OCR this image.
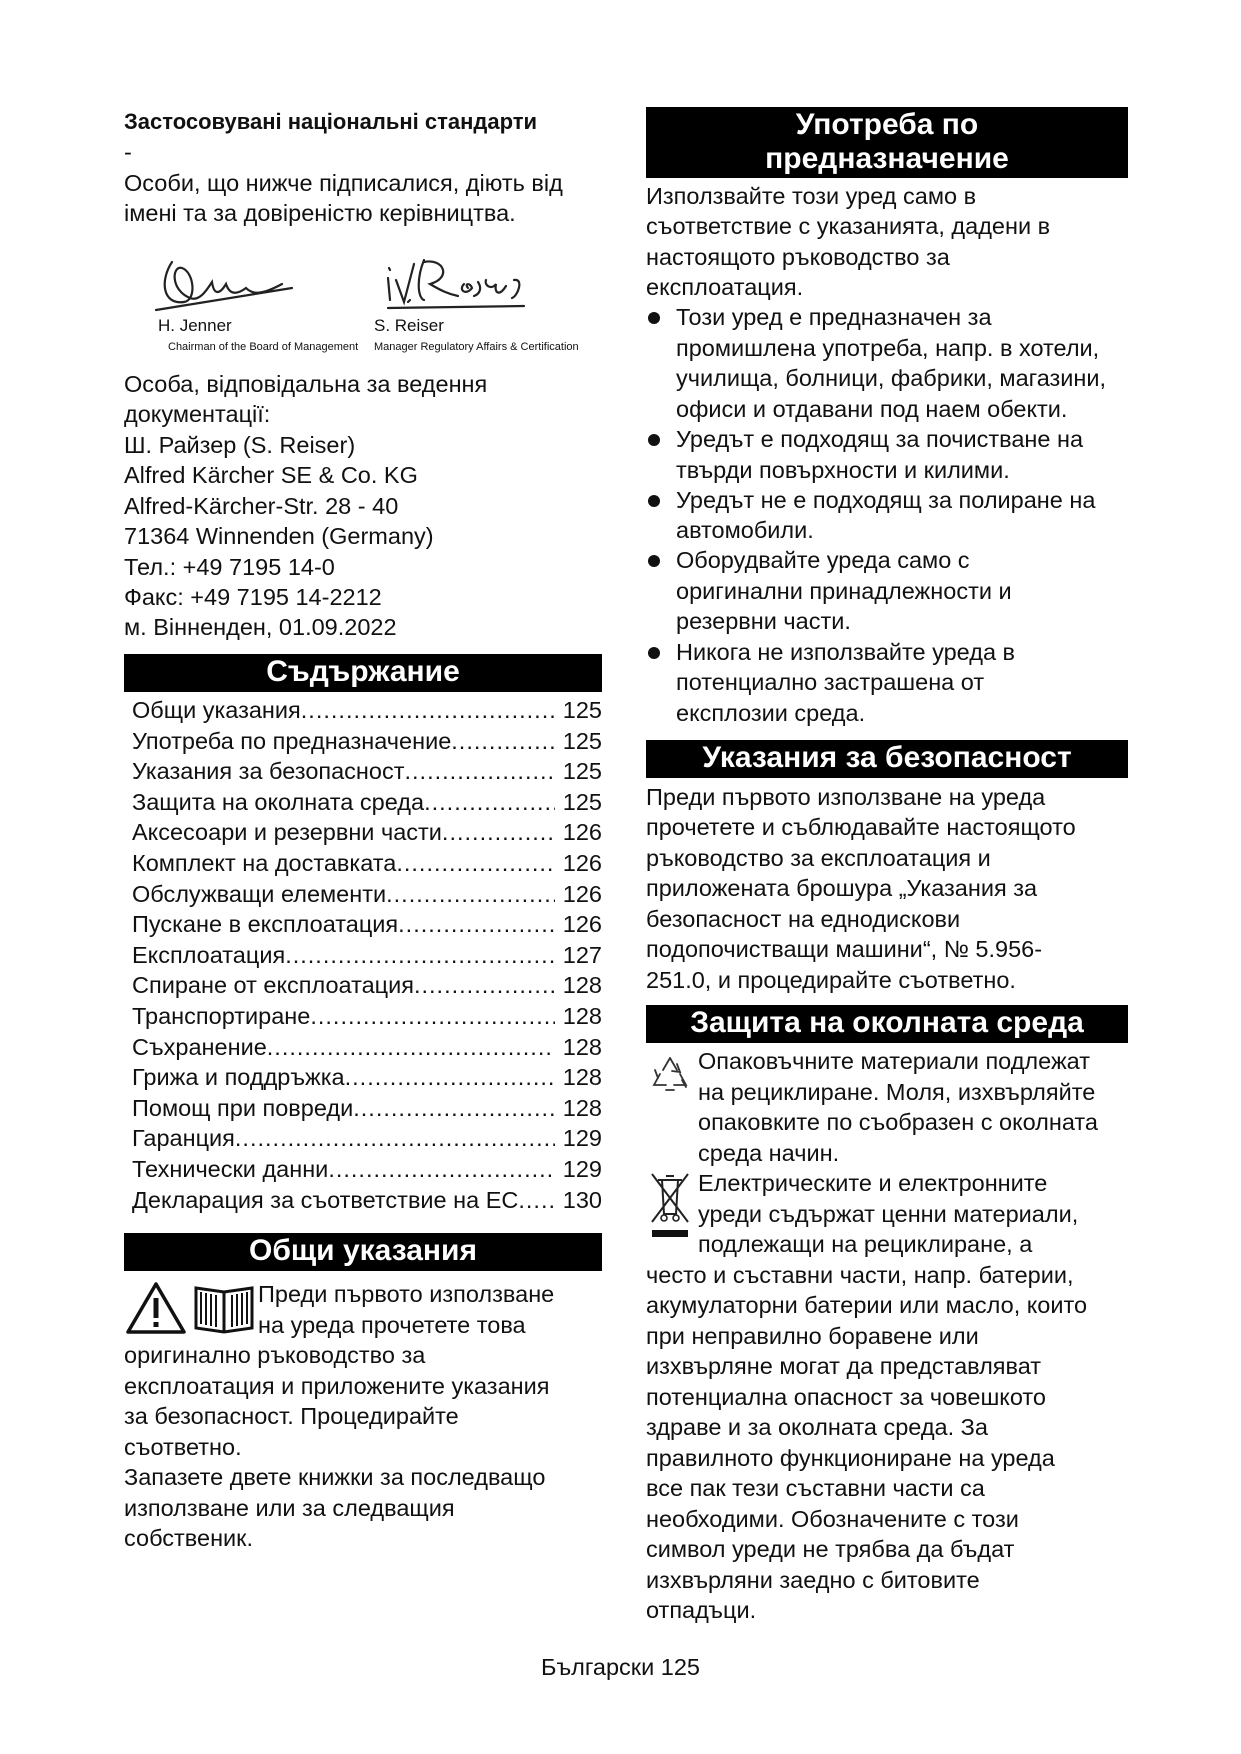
Застосовувані національні стандарти
-
Особи, що нижче підписалися, діють від
імені та за довіреністю керівництва.
H. Jenner
Chairman of the Board of Management
S. Reiser
Manager Regulatory Affairs & Certification
Особа, відповідальна за ведення
документації:
Ш. Райзер (S. Reiser)
Alfred Kärcher SE & Co. KG
Alfred-Kärcher-Str. 28 - 40
71364 Winnenden (Germany)
Тел.: +49 7195 14-0
Факс: +49 7195 14-2212
м. Вінненден, 01.09.2022
Съдържание
Общи указания .....	125
Употреба по предназначение .....	125
Указания за безопасност .....	125
Защита на околната среда .....	125
Аксесоари и резервни части .....	126
Комплект на доставката .....	126
Обслужващи елементи .....	126
Пускане в експлоатация .....	126
Експлоатация .....	127
Спиране от експлоатация .....	128
Транспортиране .....	128
Съхранение .....	128
Грижа и поддръжка .....	128
Помощ при повреди .....	128
Гаранция .....	129
Технически данни .....	129
Декларация за съответствие на ЕС .....	130
Общи указания
Преди първото използване
на уреда прочетете това
оригинално ръководство за
експлоатация и приложените указания
за безопасност. Процедирайте
съответно.
Запазете двете книжки за последващо
използване или за следващия
собственик.
Употреба по
предназначение
Използвайте този уред само в
съответствие с указанията, дадени в
настоящото ръководство за
експлоатация.
Този уред е предназначен за
промишлена употреба, напр. в хотели,
училища, болници, фабрики, магазини,
офиси и отдавани под наем обекти.
Уредът е подходящ за почистване на
твърди повърхности и килими.
Уредът не е подходящ за полиране на
автомобили.
Оборудвайте уреда само с
оригинални принадлежности и
резервни части.
Никога не използвайте уреда в
потенциално застрашена от
експлозии среда.
Указания за безопасност
Преди първото използване на уреда
прочетете и съблюдавайте настоящото
ръководство за експлоатация и
приложената брошура „Указания за
безопасност на еднодискови
подопочистващи машини“, № 5.956-
251.0, и процедирайте съответно.
Защита на околната среда
Опаковъчните материали подлежат
на рециклиране. Моля, изхвърляйте
опаковките по съобразен с околната
среда начин.
Електрическите и електронните
уреди съдържат ценни материали,
подлежащи на рециклиране, а
често и съставни части, напр. батерии,
акумулаторни батерии или масло, които
при неправилно боравене или
изхвърляне могат да представляват
потенциална опасност за човешкото
здраве и за околната среда. За
правилното функциониране на уреда
все пак тези съставни части са
необходими. Обозначените с този
символ уреди не трябва да бъдат
изхвърляни заедно с битовите
отпадъци.
Български 125
